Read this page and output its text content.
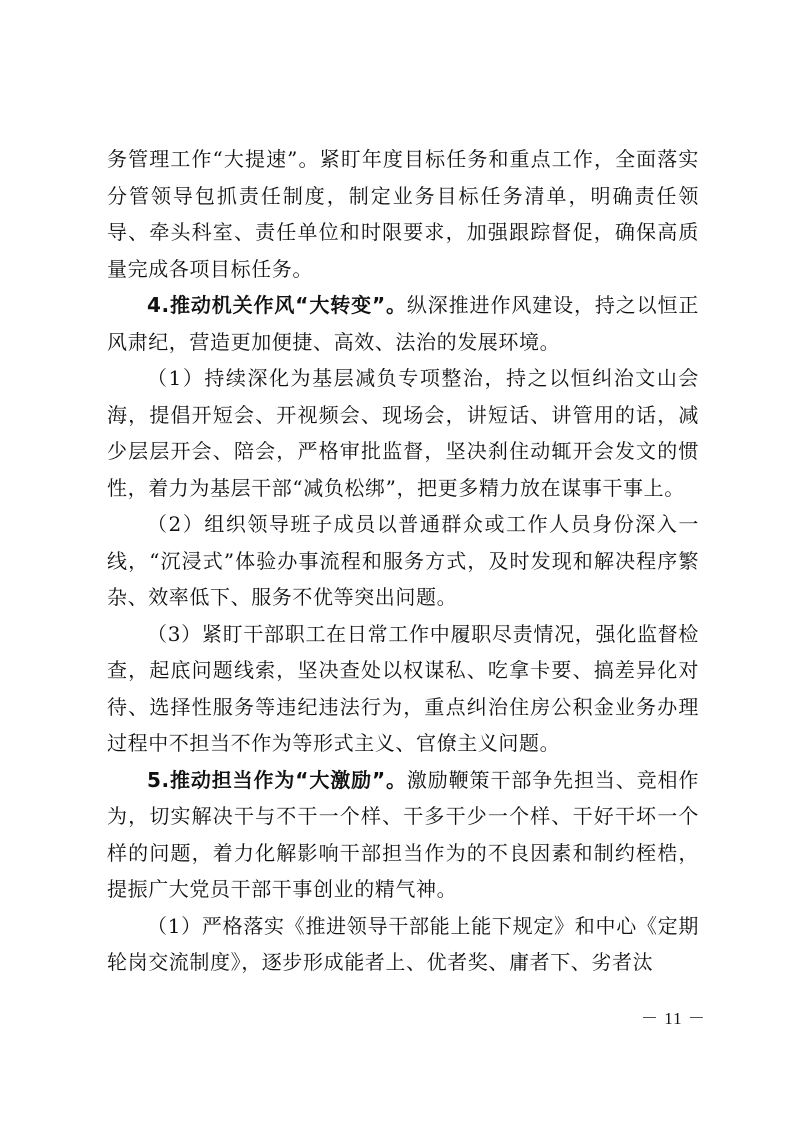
务管理工作“大提速”。紧盯年度目标任务和重点工作，全面落实分管领导包抓责任制度，制定业务目标任务清单，明确责任领导、牵头科室、责任单位和时限要求，加强跟踪督促，确保高质量完成各项目标任务。

4.推动机关作风“大转变”。纵深推进作风建设，持之以恒正风肃纪，营造更加便捷、高效、法治的发展环境。

（1）持续深化为基层减负专项整治，持之以恒纠治文山会海，提倡开短会、开视频会、现场会，讲短话、讲管用的话，减少层层开会、陪会，严格审批监督，坚决刹住动辄开会发文的惯性，着力为基层干部“减负松绑”，把更多精力放在谋事干事上。

（2）组织领导班子成员以普通群众或工作人员身份深入一线，“沉浸式”体验办事流程和服务方式，及时发现和解决程序繁杂、效率低下、服务不优等突出问题。

（3）紧盯干部职工在日常工作中履职尽责情况，强化监督检查，起底问题线索，坚决查处以权谋私、吃拿卡要、搞差异化对待、选择性服务等违纪违法行为，重点纠治住房公积金业务办理过程中不担当不作为等形式主义、官僚主义问题。

5.推动担当作为“大激励”。激励鞭策干部争先担当、竞相作为，切实解决干与不干一个样、干多干少一个样、干好干坏一个样的问题，着力化解影响干部担当作为的不良因素和制约桎梏，提振广大党员干部干事创业的精气神。

（1）严格落实《推进领导干部能上能下规定》和中心《定期轮岗交流制度》，逐步形成能者上、优者奖、庸者下、劣者汰

－ 11 －
